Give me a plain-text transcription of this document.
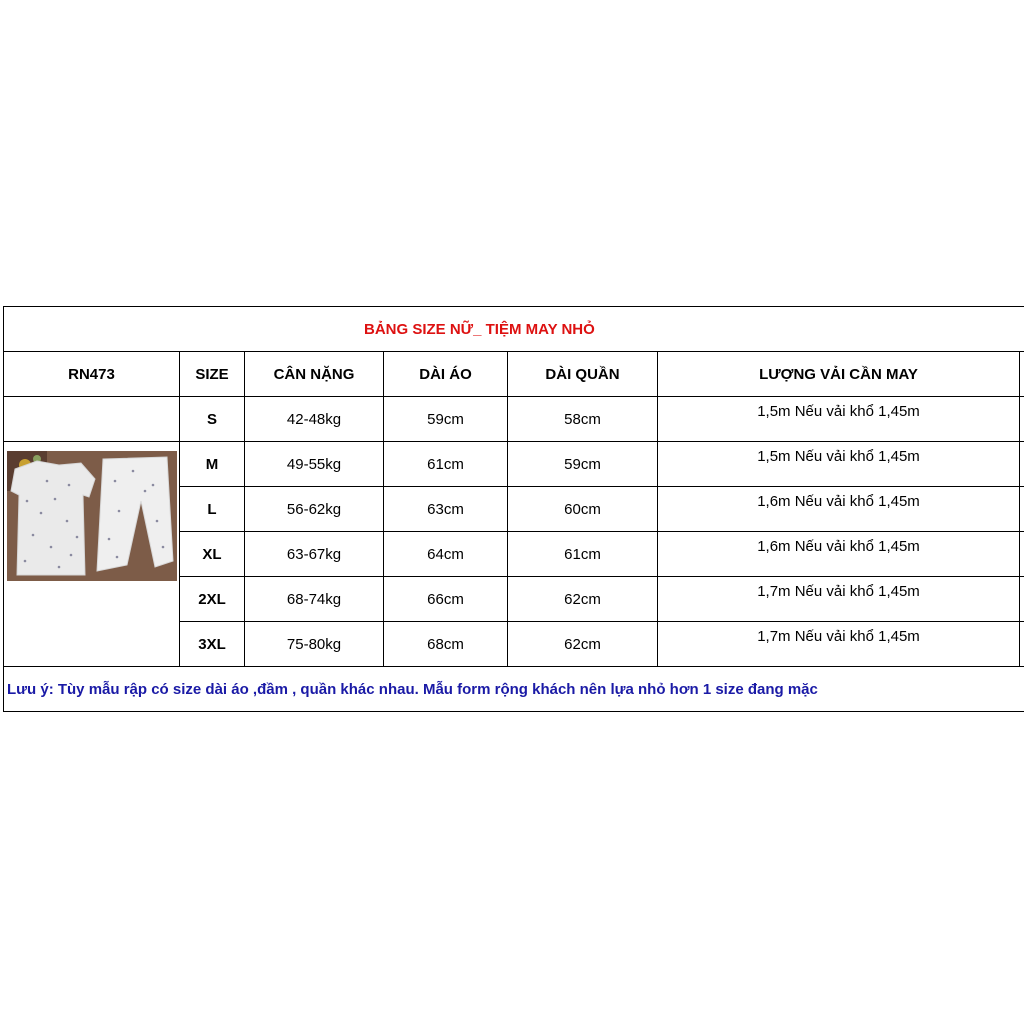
BẢNG SIZE NỮ_ TIỆM MAY NHỎ						
RN473	SIZE	CÂN NẶNG	DÀI ÁO	DÀI QUẦN	LƯỢNG VẢI CẦN MAY	
	S	42-48kg	59cm	58cm	1,5m Nếu vải khổ 1,45m	

	M	49-55kg	61cm	59cm	1,5m Nếu vải khổ 1,45m	
	L	56-62kg	63cm	60cm	1,6m Nếu vải khổ 1,45m	
	XL	63-67kg	64cm	61cm	1,6m Nếu vải khổ 1,45m	
	2XL	68-74kg	66cm	62cm	1,7m Nếu vải khổ 1,45m	
	3XL	75-80kg	68cm	62cm	1,7m Nếu vải khổ 1,45m	
Lưu ý: Tùy mẫu rập có size dài áo ,đầm , quần khác nhau. Mẫu form rộng khách nên lựa nhỏ hơn 1 size đang mặc						
